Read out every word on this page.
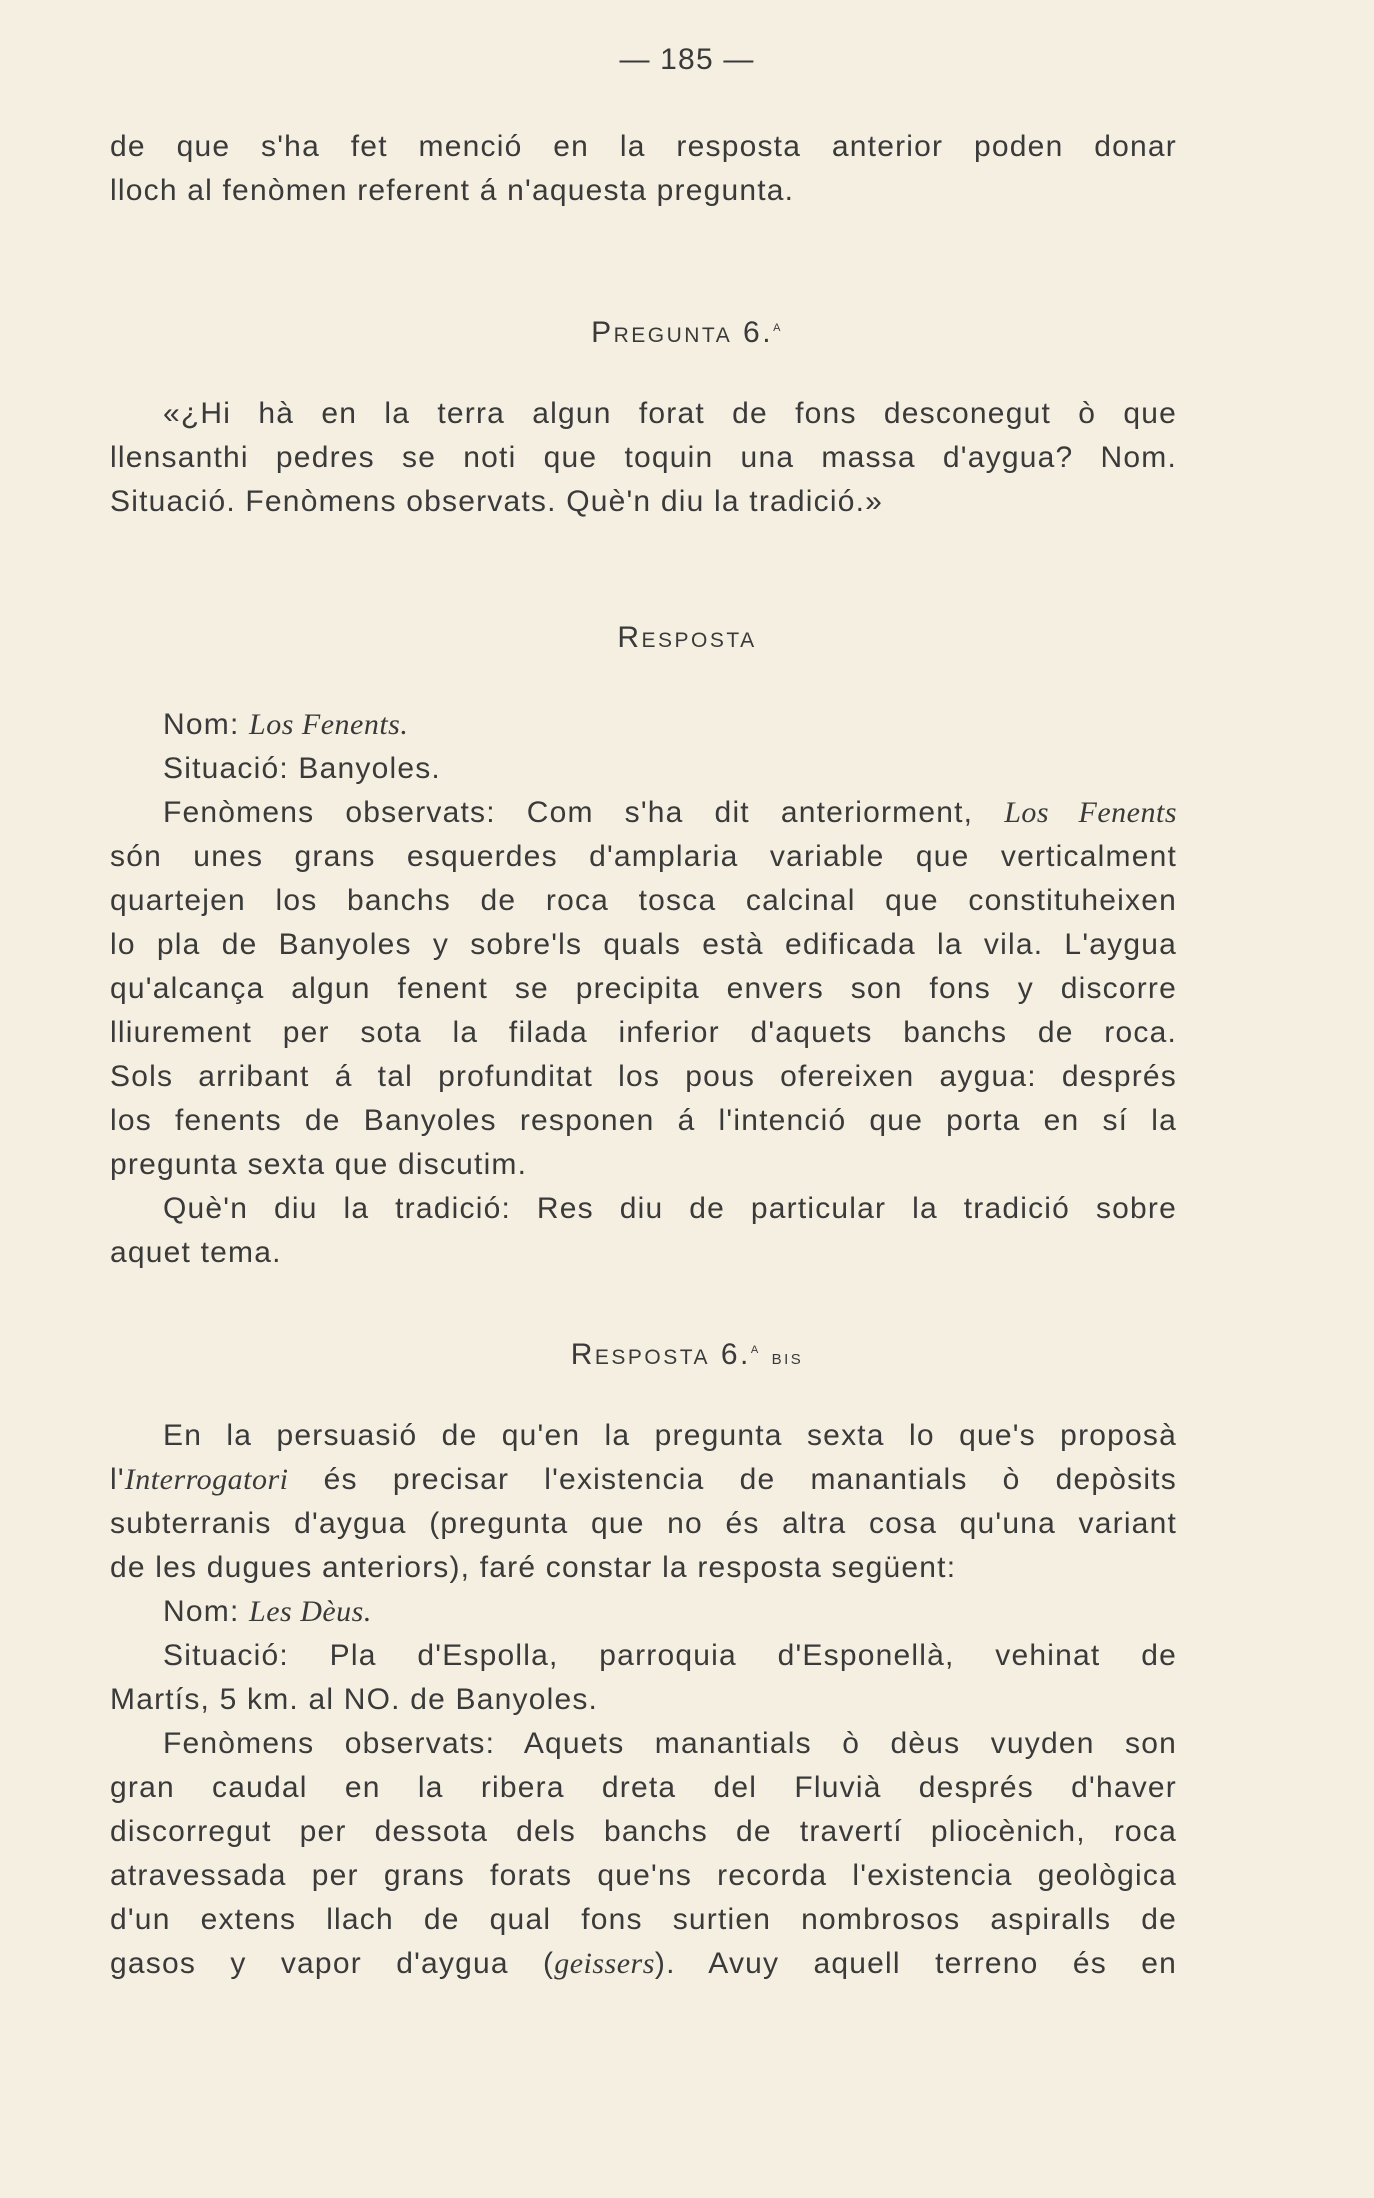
— 185 —
de que s'ha fet menció en la resposta anterior poden donar
lloch al fenòmen referent á n'aquesta pregunta.
Pregunta 6.$^a$
«¿Hi hà en la terra algun forat de fons desconegut ò que
llensanthi pedres se noti que toquin una massa d'aygua? Nom.
Situació. Fenòmens observats. Què'n diu la tradició.»
Resposta
Nom: Los Fenents.
Situació: Banyoles.
Fenòmens observats: Com s'ha dit anteriorment, Los Fenents
són unes grans esquerdes d'amplaria variable que verticalment
quartejen los banchs de roca tosca calcinal que constituheixen
lo pla de Banyoles y sobre'ls quals està edificada la vila. L'aygua
qu'alcança algun fenent se precipita envers son fons y discorre
lliurement per sota la filada inferior d'aquets banchs de roca.
Sols arribant á tal profunditat los pous ofereixen aygua: després
los fenents de Banyoles responen á l'intenció que porta en sí la
pregunta sexta que discutim.
Què'n diu la tradició: Res diu de particular la tradició sobre
aquet tema.
Resposta 6.$^a$ bis
En la persuasió de qu'en la pregunta sexta lo que's proposà
l'Interrogatori és precisar l'existencia de manantials ò depòsits
subterranis d'aygua (pregunta que no és altra cosa qu'una variant
de les dugues anteriors), faré constar la resposta següent:
Nom: Les Dèus.
Situació: Pla d'Espolla, parroquia d'Esponellà, vehinat de
Martís, 5 km. al NO. de Banyoles.
Fenòmens observats: Aquets manantials ò dèus vuyden son
gran caudal en la ribera dreta del Fluvià després d'haver
discorregut per dessota dels banchs de travertí pliocènich, roca
atravessada per grans forats que'ns recorda l'existencia geològica
d'un extens llach de qual fons surtien nombrosos aspiralls de
gasos y vapor d'aygua (geissers). Avuy aquell terreno és en
